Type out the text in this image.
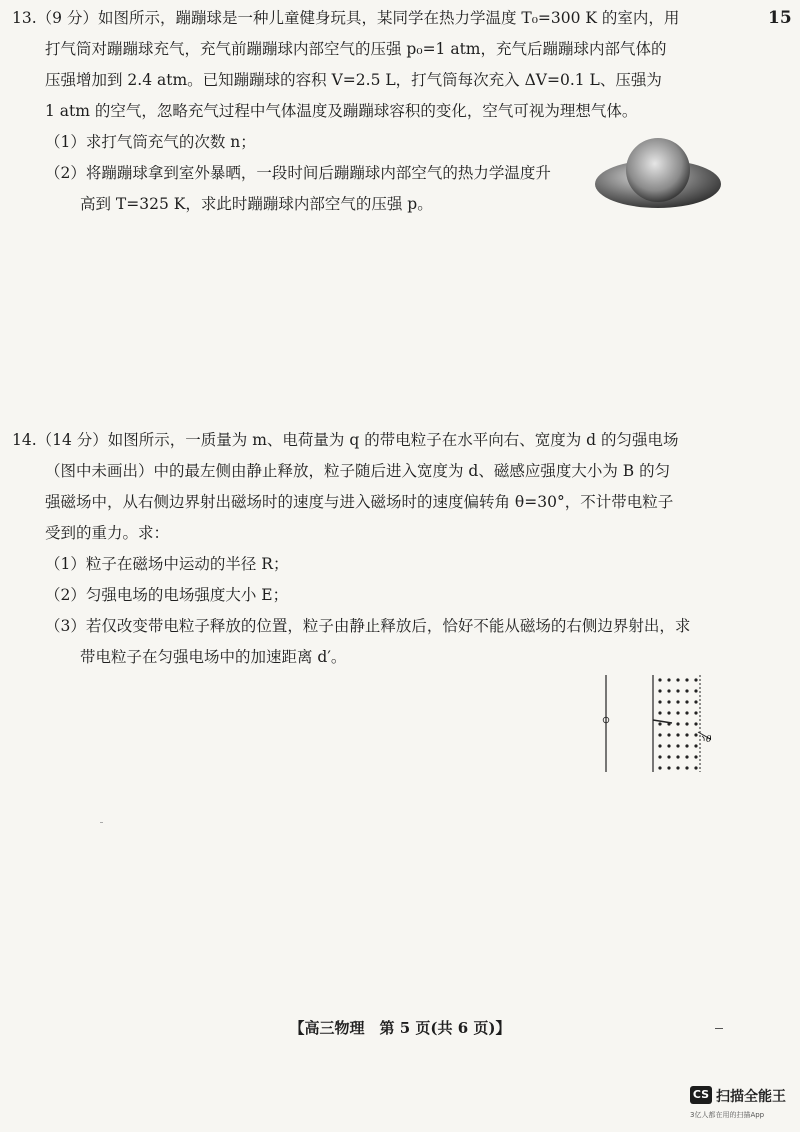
15

13.（9 分）如图所示，蹦蹦球是一种儿童健身玩具，某同学在热力学温度 T₀=300 K 的室内，用

打气筒对蹦蹦球充气，充气前蹦蹦球内部空气的压强 p₀=1 atm，充气后蹦蹦球内部气体的

压强增加到 2.4 atm。已知蹦蹦球的容积 V=2.5 L，打气筒每次充入 ΔV=0.1 L、压强为

1 atm 的空气，忽略充气过程中气体温度及蹦蹦球容积的变化，空气可视为理想气体。

（1）求打气筒充气的次数 n；

（2）将蹦蹦球拿到室外暴晒，一段时间后蹦蹦球内部空气的热力学温度升

高到 T=325 K，求此时蹦蹦球内部空气的压强 p。

14.（14 分）如图所示，一质量为 m、电荷量为 q 的带电粒子在水平向右、宽度为 d 的匀强电场

（图中未画出）中的最左侧由静止释放，粒子随后进入宽度为 d、磁感应强度大小为 B 的匀

强磁场中，从右侧边界射出磁场时的速度与进入磁场时的速度偏转角 θ=30°，不计带电粒子

受到的重力。求：

（1）粒子在磁场中运动的半径 R；

（2）匀强电场的电场强度大小 E；

（3）若仅改变带电粒子释放的位置，粒子由静止释放后，恰好不能从磁场的右侧边界射出，求

带电粒子在匀强电场中的加速距离 d′。

θ
【高三物理　第 5 页(共 6 页)】
CS 扫描全能王
3亿人都在用的扫描App
